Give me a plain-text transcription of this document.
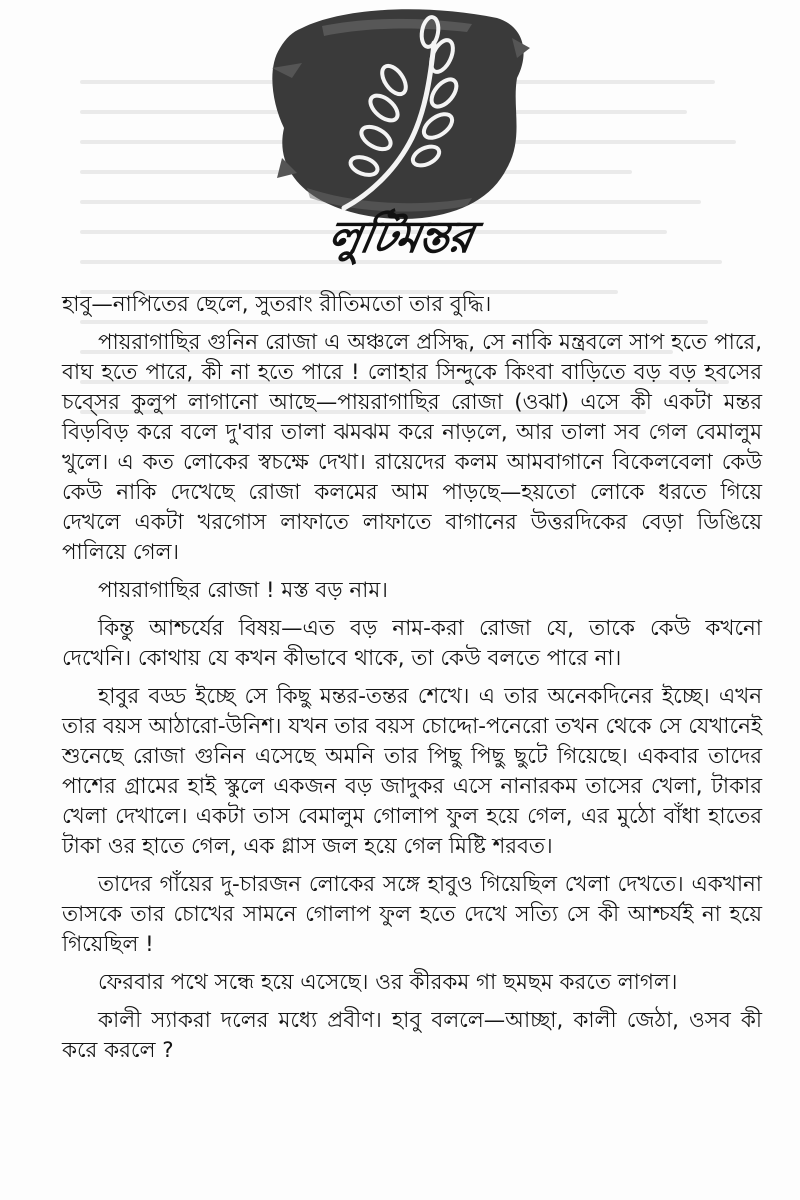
লুটিমন্তর

হাবু—নাপিতের ছেলে, সুতরাং রীতিমতো তার বুদ্ধি।

পায়রাগাছির গুনিন রোজা এ অঞ্চলে প্রসিদ্ধ, সে নাকি মন্ত্রবলে সাপ হতে পারে, বাঘ হতে পারে, কী না হতে পারে ! লোহার সিন্দুকে কিংবা বাড়িতে বড় বড় হবসের চব্সের কুলুপ লাগানো আছে—পায়রাগাছির রোজা (ওঝা) এসে কী একটা মন্তর বিড়বিড় করে বলে দু'বার তালা ঝমঝম করে নাড়লে, আর তালা সব গেল বেমালুম খুলে। এ কত লোকের স্বচক্ষে দেখা। রায়েদের কলম আমবাগানে বিকেলবেলা কেউ কেউ নাকি দেখেছে রোজা কলমের আম পাড়ছে—হয়তো লোকে ধরতে গিয়ে দেখলে একটা খরগোস লাফাতে লাফাতে বাগানের উত্তরদিকের বেড়া ডিঙিয়ে পালিয়ে গেল।

পায়রাগাছির রোজা ! মস্ত বড় নাম।

কিন্তু আশ্চর্যের বিষয়—এত বড় নাম-করা রোজা যে, তাকে কেউ কখনো দেখেনি। কোথায় যে কখন কীভাবে থাকে, তা কেউ বলতে পারে না।

হাবুর বড্ড ইচ্ছে সে কিছু মন্তর-তন্তর শেখে। এ তার অনেকদিনের ইচ্ছে। এখন তার বয়স আঠারো-উনিশ। যখন তার বয়স চোদ্দো-পনেরো তখন থেকে সে যেখানেই শুনেছে রোজা গুনিন এসেছে অমনি তার পিছু পিছু ছুটে গিয়েছে। একবার তাদের পাশের গ্রামের হাই স্কুলে একজন বড় জাদুকর এসে নানারকম তাসের খেলা, টাকার খেলা দেখালে। একটা তাস বেমালুম গোলাপ ফুল হয়ে গেল, এর মুঠো বাঁধা হাতের টাকা ওর হাতে গেল, এক গ্লাস জল হয়ে গেল মিষ্টি শরবত।

তাদের গাঁয়ের দু-চারজন লোকের সঙ্গে হাবুও গিয়েছিল খেলা দেখতে। একখানা তাসকে তার চোখের সামনে গোলাপ ফুল হতে দেখে সত্যি সে কী আশ্চর্যই না হয়ে গিয়েছিল !

ফেরবার পথে সন্ধে হয়ে এসেছে। ওর কীরকম গা ছমছম করতে লাগল।

কালী স্যাকরা দলের মধ্যে প্রবীণ। হাবু বললে—আচ্ছা, কালী জেঠা, ওসব কী করে করলে ?
